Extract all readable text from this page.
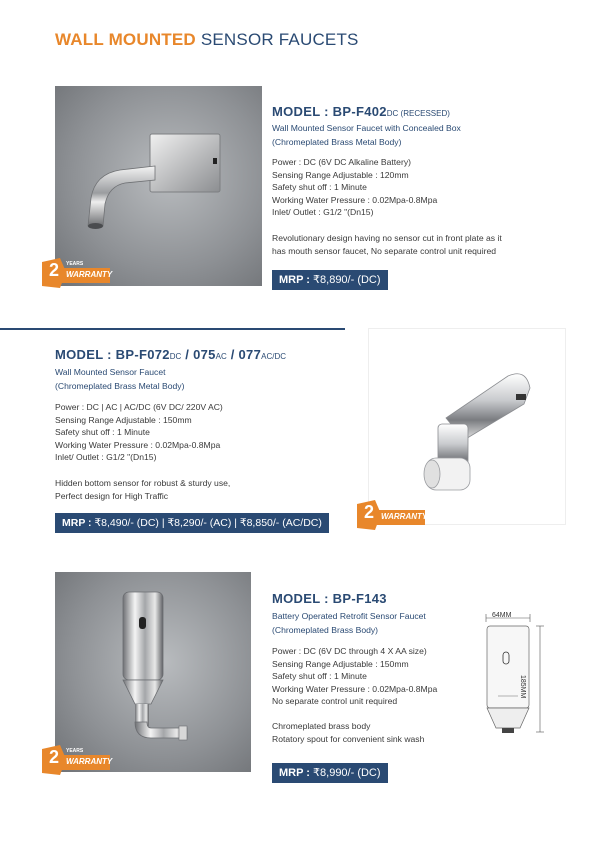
WALL MOUNTED SENSOR FAUCETS
2 YEARS
WARRANTY
MODEL : BP-F402DC (RECESSED)
Wall Mounted Sensor Faucet with Concealed Box
(Chromeplated Brass Metal Body)
Power : DC (6V DC Alkaline Battery)
Sensing Range Adjustable : 120mm
Safety shut off : 1 Minute
Working Water Pressure : 0.02Mpa-0.8Mpa
Inlet/ Outlet : G1/2 "(Dn15)
Revolutionary design having no sensor cut in front plate as it
has mouth sensor faucet, No separate control unit required
MRP : ₹8,890/- (DC)
MODEL : BP-F072DC / 075AC / 077AC/DC
Wall Mounted Sensor Faucet
(Chromeplated Brass Metal Body)
Power : DC | AC | AC/DC (6V DC/ 220V AC)
Sensing Range Adjustable : 150mm
Safety shut off : 1 Minute
Working Water Pressure : 0.02Mpa-0.8Mpa
Inlet/ Outlet : G1/2 "(Dn15)
Hidden bottom sensor for robust & sturdy use,
Perfect design for High Traffic
MRP : ₹8,490/- (DC) | ₹8,290/- (AC) | ₹8,850/- (AC/DC)
2 YEARS
WARRANTY
2 YEARS
WARRANTY
MODEL : BP-F143
Battery Operated Retrofit Sensor Faucet
(Chromeplated Brass Body)
Power : DC (6V DC through 4 X AA size)
Sensing Range Adjustable : 150mm
Safety shut off : 1 Minute
Working Water Pressure : 0.02Mpa-0.8Mpa
No separate control unit required
Chromeplated brass body
Rotatory spout for convenient sink wash
MRP : ₹8,990/- (DC)
64MM
185MM
